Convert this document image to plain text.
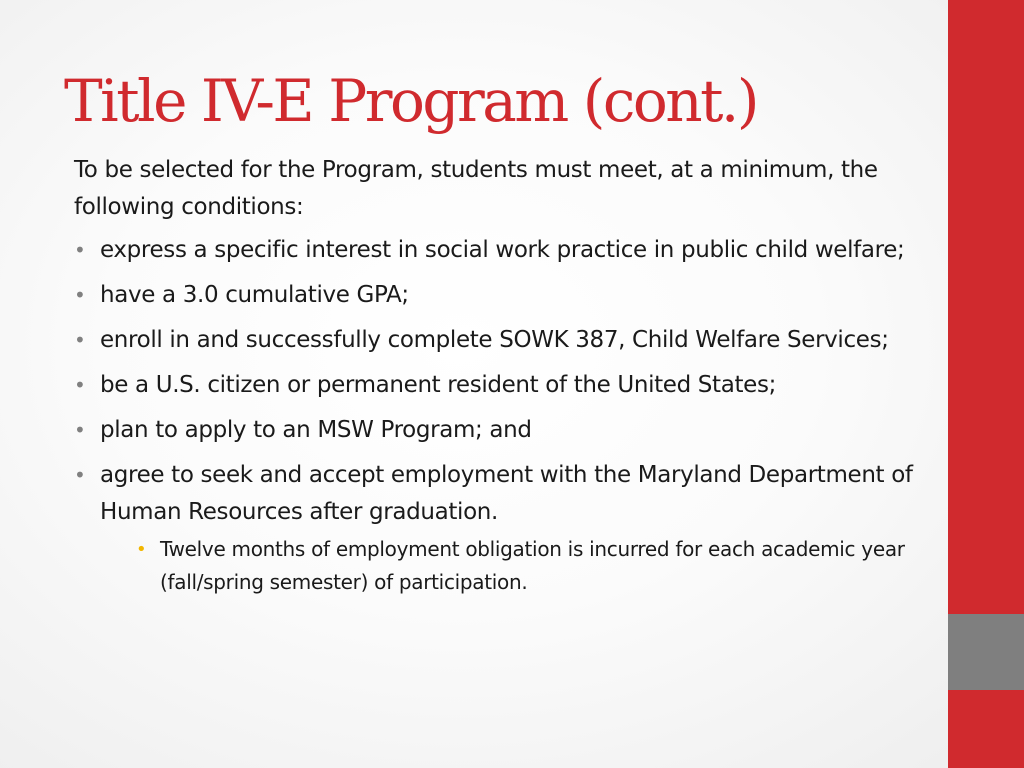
Title IV-E Program (cont.)

To be selected for the Program, students must meet, at a minimum, the following conditions:

• express a specific interest in social work practice in public child welfare;
• have a 3.0 cumulative GPA;
• enroll in and successfully complete SOWK 387, Child Welfare Services;
• be a U.S. citizen or permanent resident of the United States;
• plan to apply to an MSW Program; and
• agree to seek and accept employment with the Maryland Department of Human Resources after graduation.
• Twelve months of employment obligation is incurred for each academic year (fall/spring semester) of participation.
